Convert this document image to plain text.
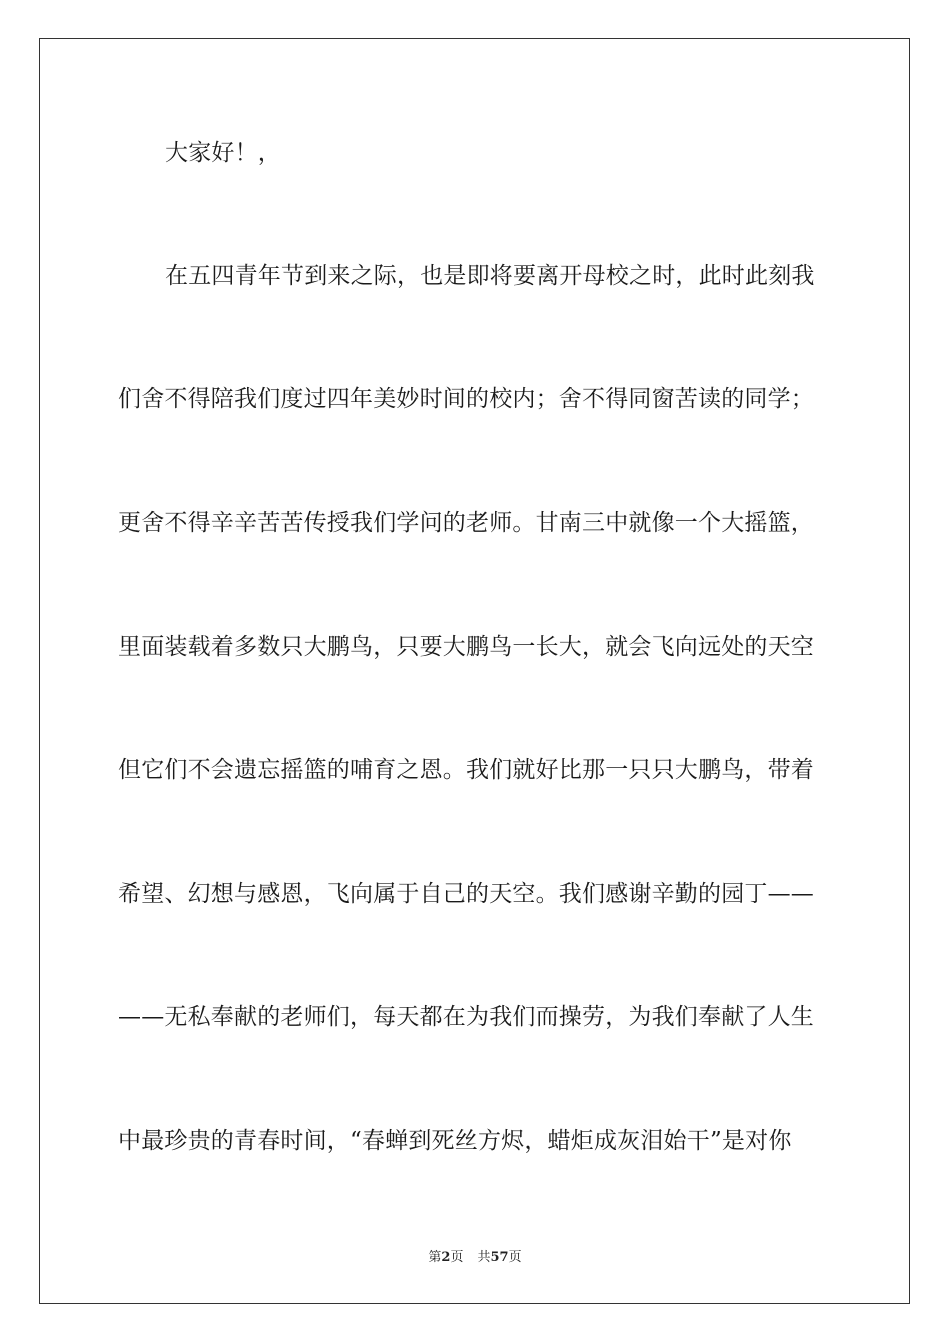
大家好！，
在五四青年节到来之际，也是即将要离开母校之时，此时此刻我
们舍不得陪我们度过四年美妙时间的校内；舍不得同窗苦读的同学；
更舍不得辛辛苦苦传授我们学问的老师。甘南三中就像一个大摇篮，
里面装载着多数只大鹏鸟，只要大鹏鸟一长大，就会飞向远处的天空
但它们不会遗忘摇篮的哺育之恩。我们就好比那一只只大鹏鸟，带着
希望、幻想与感恩，飞向属于自己的天空。我们感谢辛勤的园丁——
——无私奉献的老师们，每天都在为我们而操劳，为我们奉献了人生
中最珍贵的青春时间，“春蝉到死丝方烬，蜡炬成灰泪始干”是对你
第2页 共57页
